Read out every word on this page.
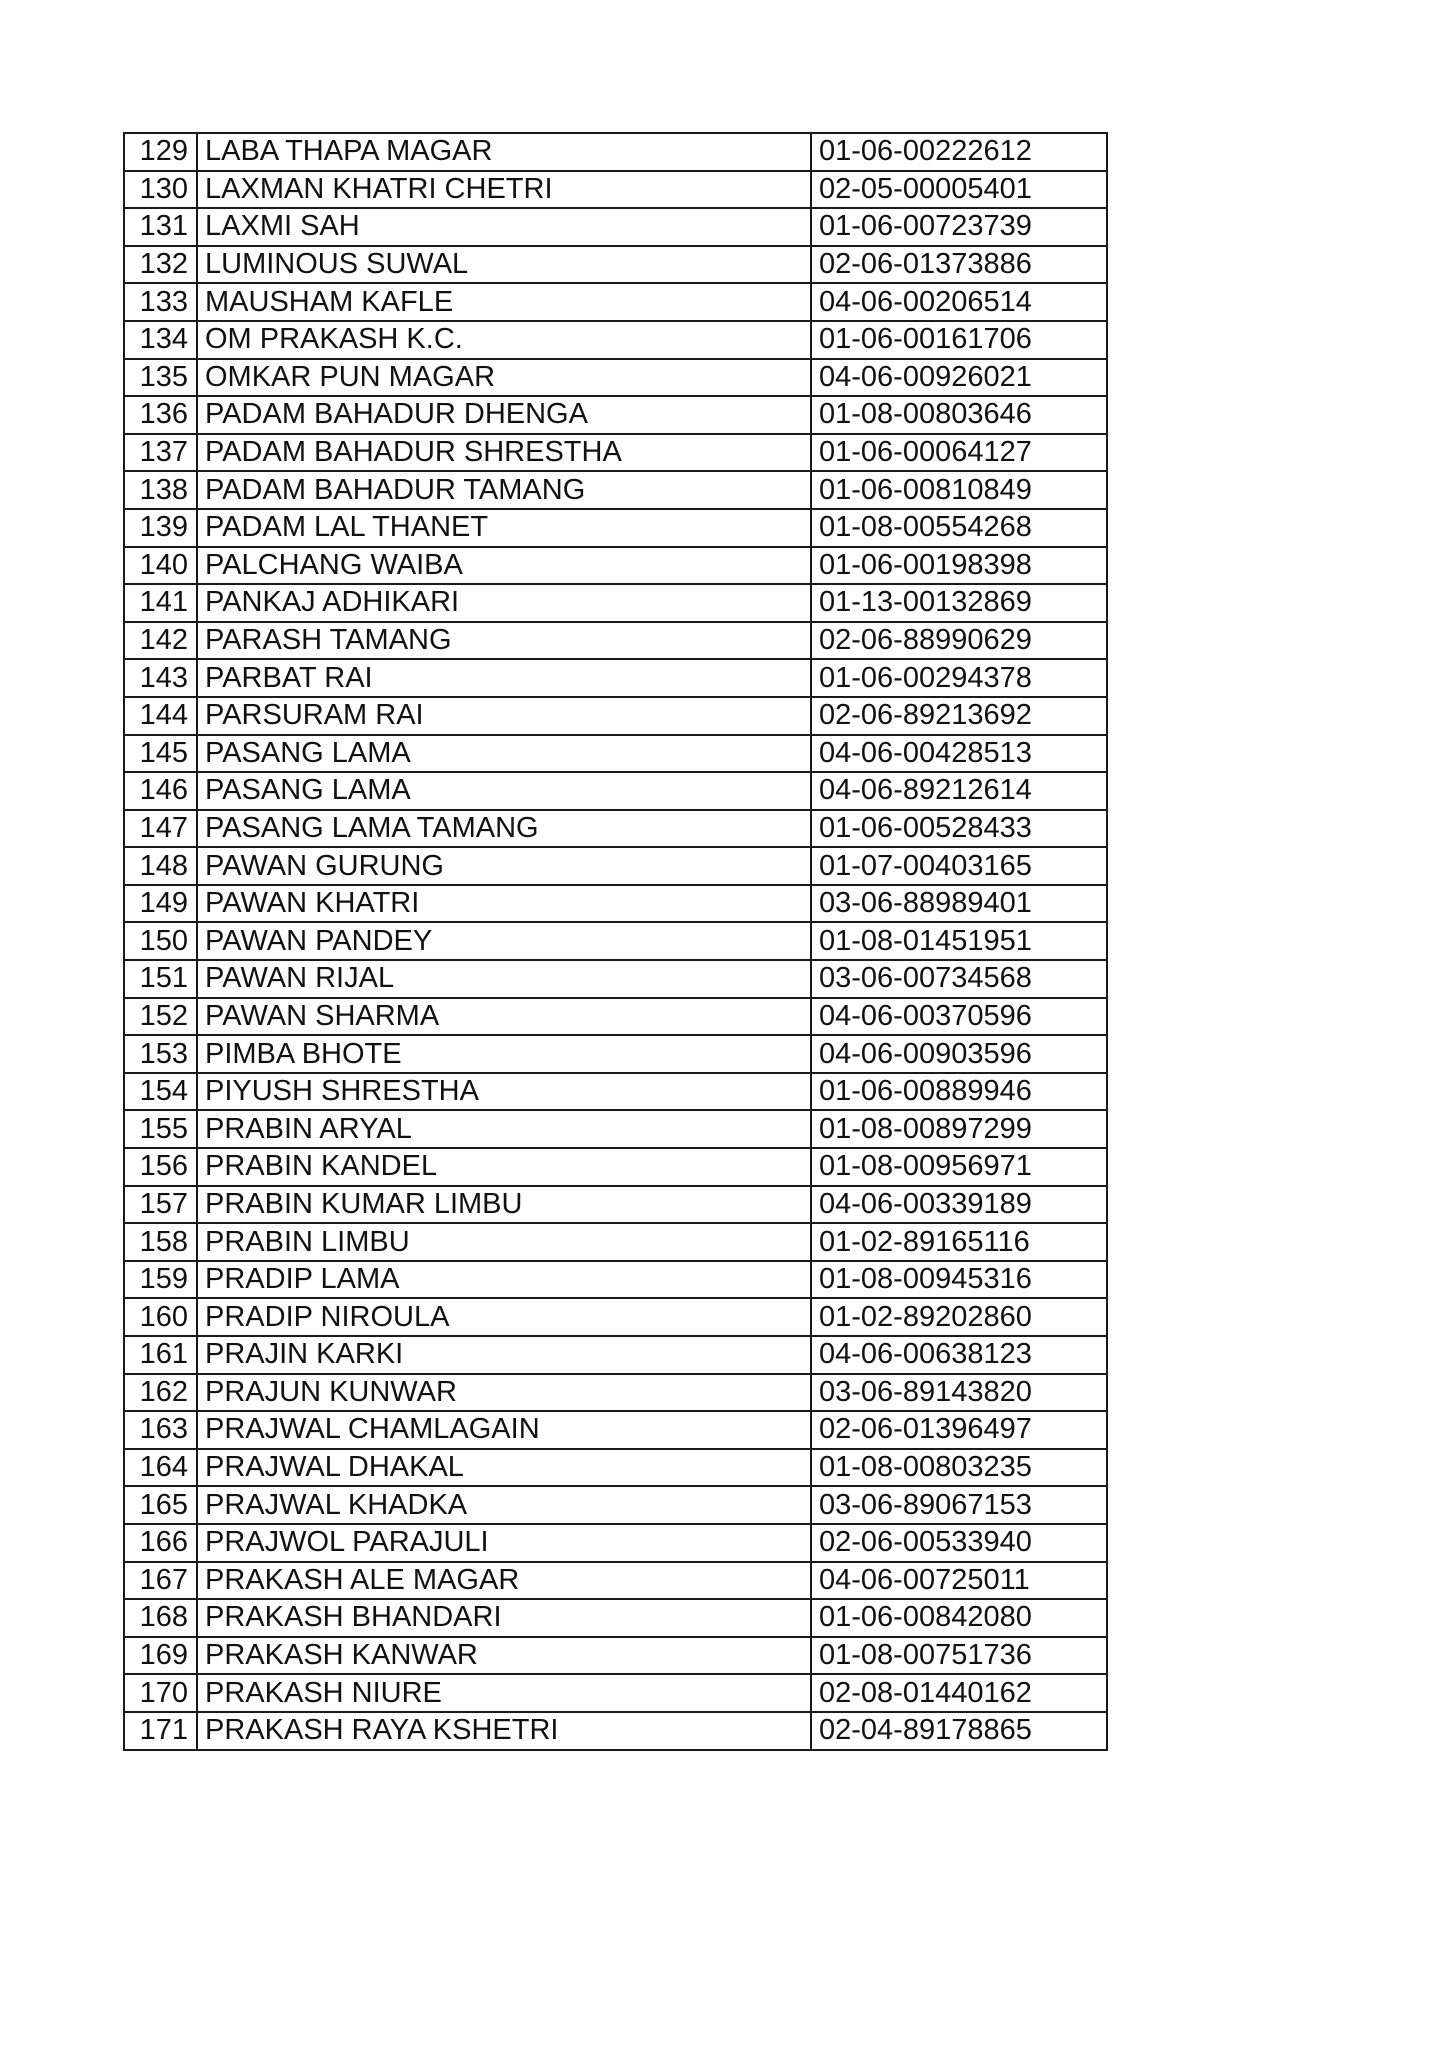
129	LABA THAPA MAGAR	01-06-00222612
130	LAXMAN KHATRI CHETRI	02-05-00005401
131	LAXMI SAH	01-06-00723739
132	LUMINOUS SUWAL	02-06-01373886
133	MAUSHAM KAFLE	04-06-00206514
134	OM PRAKASH K.C.	01-06-00161706
135	OMKAR PUN MAGAR	04-06-00926021
136	PADAM BAHADUR DHENGA	01-08-00803646
137	PADAM BAHADUR SHRESTHA	01-06-00064127
138	PADAM BAHADUR TAMANG	01-06-00810849
139	PADAM LAL THANET	01-08-00554268
140	PALCHANG WAIBA	01-06-00198398
141	PANKAJ ADHIKARI	01-13-00132869
142	PARASH TAMANG	02-06-88990629
143	PARBAT RAI	01-06-00294378
144	PARSURAM RAI	02-06-89213692
145	PASANG LAMA	04-06-00428513
146	PASANG LAMA	04-06-89212614
147	PASANG LAMA TAMANG	01-06-00528433
148	PAWAN GURUNG	01-07-00403165
149	PAWAN KHATRI	03-06-88989401
150	PAWAN PANDEY	01-08-01451951
151	PAWAN RIJAL	03-06-00734568
152	PAWAN SHARMA	04-06-00370596
153	PIMBA BHOTE	04-06-00903596
154	PIYUSH SHRESTHA	01-06-00889946
155	PRABIN ARYAL	01-08-00897299
156	PRABIN KANDEL	01-08-00956971
157	PRABIN KUMAR LIMBU	04-06-00339189
158	PRABIN LIMBU	01-02-89165116
159	PRADIP LAMA	01-08-00945316
160	PRADIP NIROULA	01-02-89202860
161	PRAJIN KARKI	04-06-00638123
162	PRAJUN KUNWAR	03-06-89143820
163	PRAJWAL CHAMLAGAIN	02-06-01396497
164	PRAJWAL DHAKAL	01-08-00803235
165	PRAJWAL KHADKA	03-06-89067153
166	PRAJWOL PARAJULI	02-06-00533940
167	PRAKASH ALE MAGAR	04-06-00725011
168	PRAKASH BHANDARI	01-06-00842080
169	PRAKASH KANWAR	01-08-00751736
170	PRAKASH NIURE	02-08-01440162
171	PRAKASH RAYA KSHETRI	02-04-89178865
